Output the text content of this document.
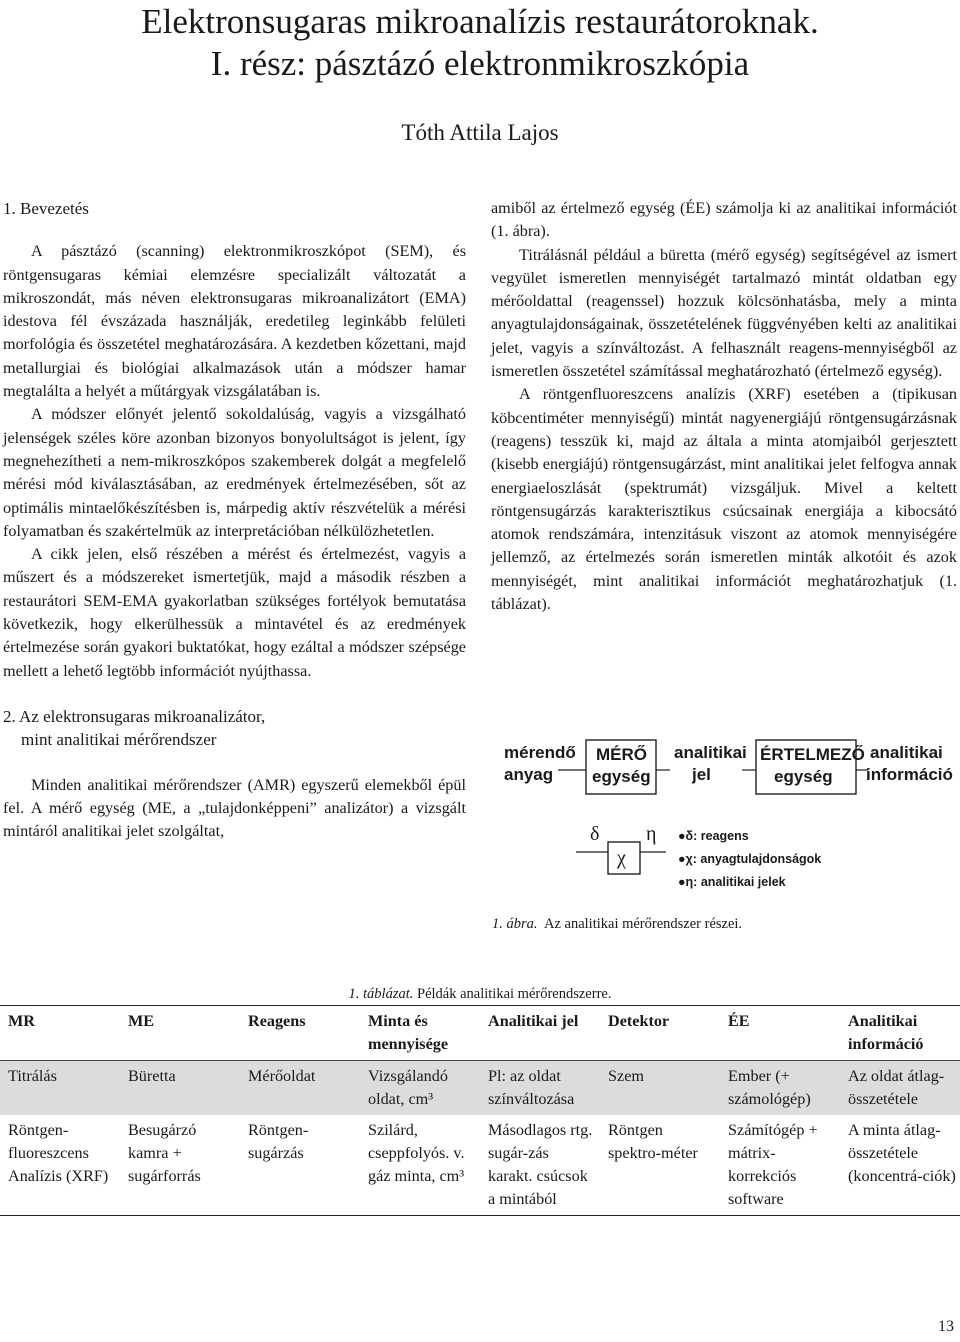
Elektronsugaras mikroanalízis restaurátoroknak.
I. rész: pásztázó elektronmikroszkópia
Tóth Attila Lajos

1. Bevezetés

A pásztázó (scanning) elektronmikroszkópot (SEM), és röntgensugaras kémiai elemzésre specializált változatát a mikroszondát, más néven elektronsugaras mikroanalizátort (EMA) idestova fél évszázada használják, eredetileg leginkább felületi morfológia és összetétel meghatározására. A kezdetben kőzettani, majd metallurgiai és biológiai alkalmazások után a módszer hamar megtalálta a helyét a műtárgyak vizsgálatában is.

A módszer előnyét jelentő sokoldalúság, vagyis a vizsgálható jelenségek széles köre azonban bizonyos bonyolultságot is jelent, így megnehezítheti a nem-mikroszkópos szakemberek dolgát a megfelelő mérési mód kiválasztásában, az eredmények értelmezésében, sőt az optimális mintaelőkészítésben is, márpedig aktív részvételük a mérési folyamatban és szakértelmük az interpretációban nélkülözhetetlen.

A cikk jelen, első részében a mérést és értelmezést, vagyis a műszert és a módszereket ismertetjük, majd a második részben a restaurátori SEM-EMA gyakorlatban szükséges fortélyok bemutatása következik, hogy elkerülhessük a mintavétel és az eredmények értelmezése során gyakori buktatókat, hogy ezáltal a módszer szépsége mellett a lehető legtöbb információt nyújthassa.

2. Az elektronsugaras mikroanalizátor,

mint analitikai mérőrendszer

Minden analitikai mérőrendszer (AMR) egyszerű elemekből épül fel. A mérő egység (ME, a „tulajdonképpeni” analizátor) a vizsgált mintáról analitikai jelet szolgáltat,

amiből az értelmező egység (ÉE) számolja ki az analitikai információt (1. ábra).

Titrálásnál például a büretta (mérő egység) segítségével az ismert vegyület ismeretlen mennyiségét tartalmazó mintát oldatban egy mérőoldattal (reagenssel) hozzuk kölcsönhatásba, mely a minta anyagtulajdonságainak, összetételének függvényében kelti az analitikai jelet, vagyis a színváltozást. A felhasznált reagens-mennyiségből az ismeretlen összetétel számítással meghatározható (értelmező egység).

A röntgenfluoreszcens analízis (XRF) esetében a (tipikusan köbcentiméter mennyiségű) mintát nagyenergiájú röntgensugárzásnak (reagens) tesszük ki, majd az általa a minta atomjaiból gerjesztett (kisebb energiájú) röntgensugárzást, mint analitikai jelet felfogva annak energiaeloszlását (spektrumát) vizsgáljuk. Mivel a keltett röntgensugárzás karakterisztikus csúcsainak energiája a kibocsátó atomok rendszámára, intenzitásuk viszont az atomok mennyiségére jellemző, az értelmezés során ismeretlen minták alkotóit és azok mennyiségét, mint analitikai információt meghatározhatjuk (1. táblázat).

mérendő
anyag
MÉRŐ
egység
analitikai
jel
ÉRTELMEZŐ
egység
analitikai
információ
δ η
χ
●δ: reagens
●χ: anyagtulajdonságok
●η: analitikai jelek
1. ábra. Az analitikai mérőrendszer részei.
1. táblázat. Példák analitikai mérőrendszerre.
MR	ME	Reagens	Minta és mennyisége	Analitikai jel	Detektor	ÉE	Analitikai információ
Titrálás	Büretta	Mérőoldat	Vizsgálandó oldat, cm³	Pl: az oldat színváltozása	Szem	Ember (+ számológép)	Az oldat átlag-összetétele
Röntgen-fluoreszcens Analízis (XRF)	Besugárzó kamra + sugárforrás	Röntgen-sugárzás	Szilárd, cseppfolyós. v. gáz minta, cm³	Másodlagos rtg. sugár-zás karakt. csúcsok a mintából	Röntgen spektro-méter	Számítógép + mátrix-korrekciós software	A minta átlag-összetétele (koncentrá-ciók)
13
